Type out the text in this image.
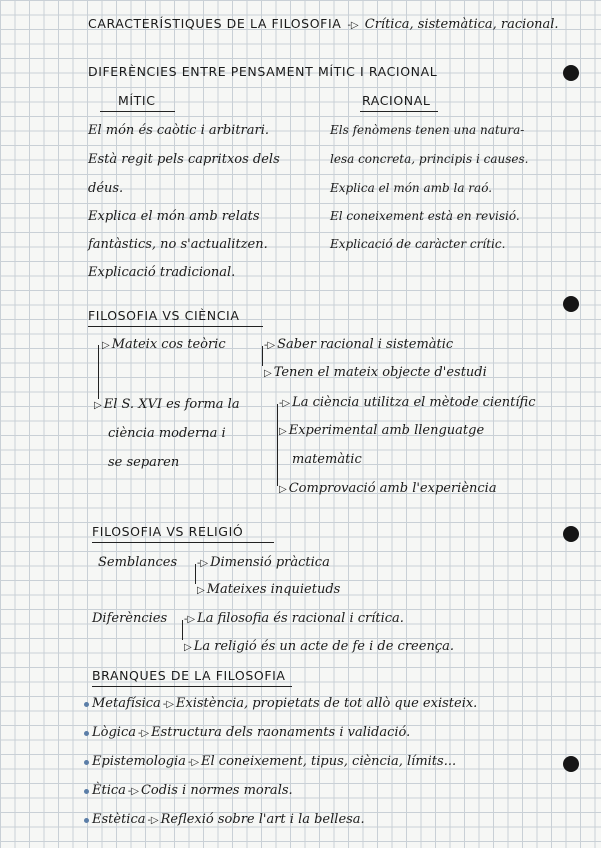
CARACTERÍSTIQUES DE LA FILOSOFIA -▷ Crítica, sistemàtica, racional.
DIFERÈNCIES ENTRE PENSAMENT MÍTIC I RACIONAL
MÍTIC	RACIONAL
El món és caòtic i arbitrari.
Està regit pels capritxos dels
déus.
Explica el món amb relats
fantàstics, no s'actualitzen.
Explicació tradicional.
Els fenòmens tenen una natura-
lesa concreta, principis i causes.
Explica el món amb la raó.
El coneixement està en revisió.
Explicació de caràcter crític.
FILOSOFIA VS CIÈNCIA
▷ Mateix cos teòric	-▷ Saber racional i sistemàtic
▷ Tenen el mateix objecte d'estudi
▷ El S. XVI es forma la
ciència moderna i
se separen
-▷ La ciència utilitza el mètode científic
▷ Experimental amb llenguatge
matemàtic
▷ Comprovació amb l'experiència
FILOSOFIA VS RELIGIÓ
Semblances -▷ Dimensió pràctica
▷ Mateixes inquietuds
Diferències -▷ La filosofia és racional i crítica.
▷ La religió és un acte de fe i de creença.
BRANQUES DE LA FILOSOFIA
Metafísica -▷ Existència, propietats de tot allò que existeix.
Lògica -▷ Estructura dels raonaments i validació.
Epistemologia -▷ El coneixement, tipus, ciència, límits...
Ètica -▷ Codis i normes morals.
Estètica -▷ Reflexió sobre l'art i la bellesa.
